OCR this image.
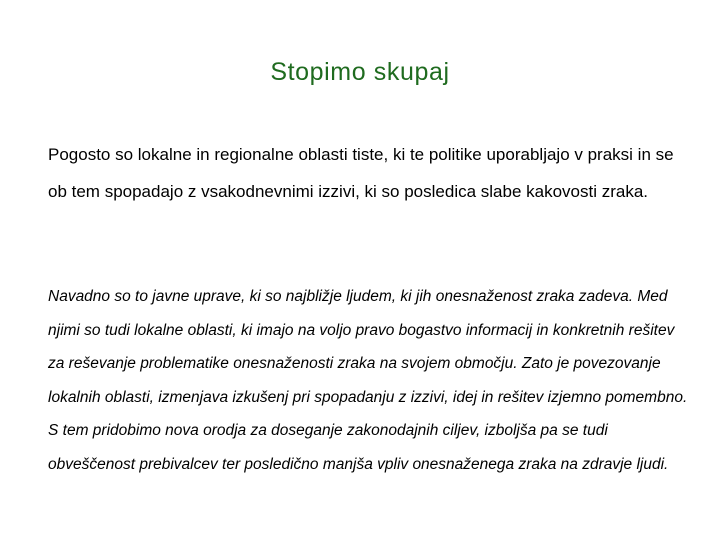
Stopimo skupaj

Pogosto so lokalne in regionalne oblasti tiste, ki te politike uporabljajo v praksi in se ob tem spopadajo z vsakodnevnimi izzivi, ki so posledica slabe kakovosti zraka.

Navadno so to javne uprave, ki so najbližje ljudem, ki jih onesnaženost zraka zadeva. Med njimi so tudi lokalne oblasti, ki imajo na voljo pravo bogastvo informacij in konkretnih rešitev za reševanje problematike onesnaženosti zraka na svojem območju. Zato je povezovanje lokalnih oblasti, izmenjava izkušenj pri spopadanju z izzivi, idej in rešitev izjemno pomembno. S tem pridobimo nova orodja za doseganje zakonodajnih ciljev, izboljša pa se tudi obveščenost prebivalcev ter posledično manjša vpliv onesnaženega zraka na zdravje ljudi.
